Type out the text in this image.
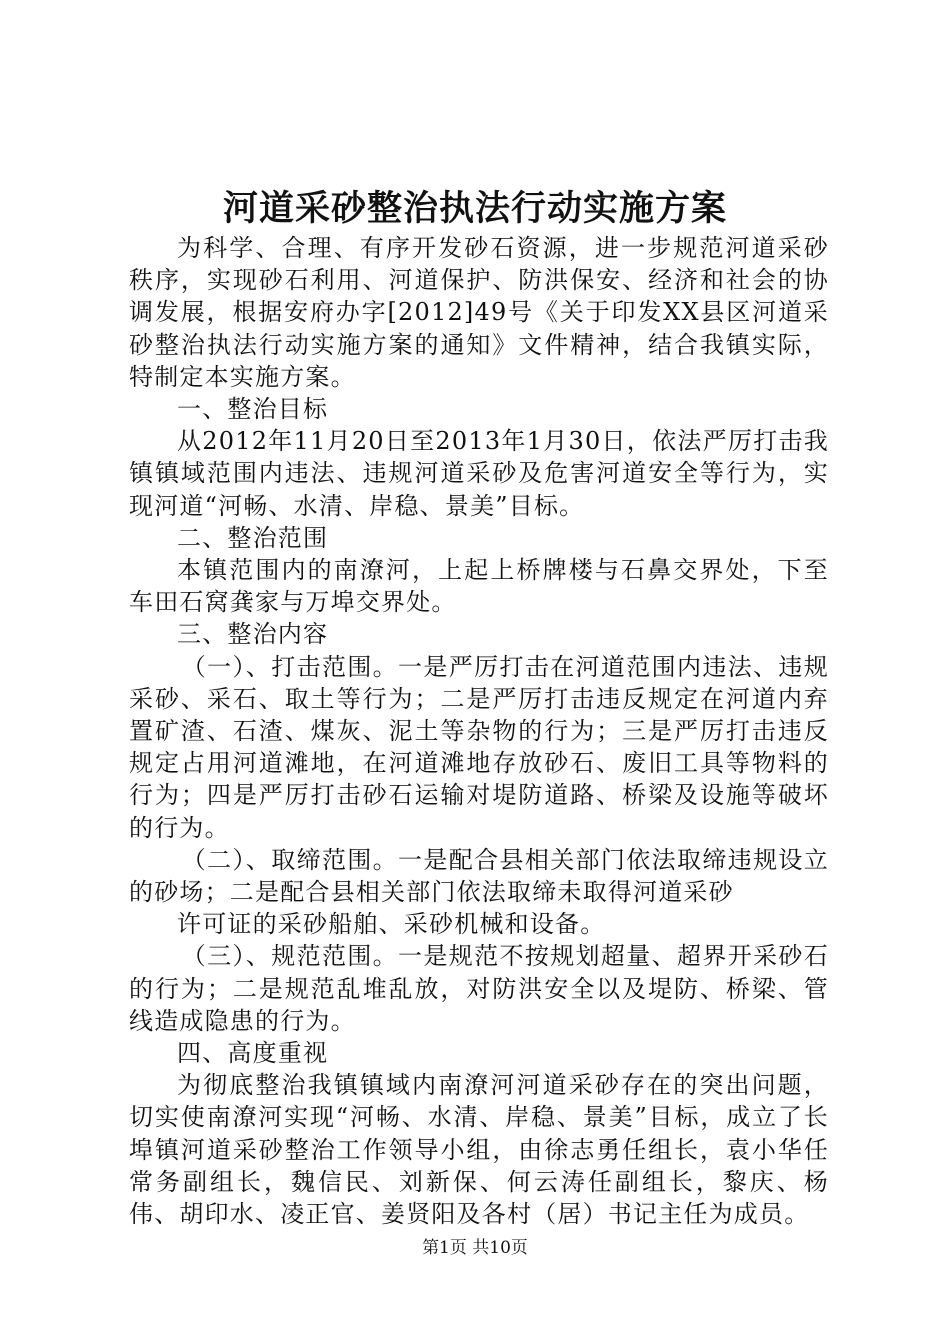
河道采砂整治执法行动实施方案

为科学、合理、有序开发砂石资源，进一步规范河道采砂秩序，实现砂石利用、河道保护、防洪保安、经济和社会的协调发展，根据安府办字[2012]49号《关于印发XX县区河道采砂整治执法行动实施方案的通知》文件精神，结合我镇实际，特制定本实施方案。

一、整治目标

从2012年11月20日至2013年1月30日，依法严厉打击我镇镇域范围内违法、违规河道采砂及危害河道安全等行为，实现河道“河畅、水清、岸稳、景美”目标。

二、整治范围

本镇范围内的南潦河，上起上桥牌楼与石鼻交界处，下至车田石窝龚家与万埠交界处。

三、整治内容

（一）、打击范围。一是严厉打击在河道范围内违法、违规采砂、采石、取土等行为；二是严厉打击违反规定在河道内弃置矿渣、石渣、煤灰、泥土等杂物的行为；三是严厉打击违反规定占用河道滩地，在河道滩地存放砂石、废旧工具等物料的行为；四是严厉打击砂石运输对堤防道路、桥梁及设施等破坏的行为。

（二）、取缔范围。一是配合县相关部门依法取缔违规设立的砂场；二是配合县相关部门依法取缔未取得河道采砂

许可证的采砂船舶、采砂机械和设备。

（三）、规范范围。一是规范不按规划超量、超界开采砂石的行为；二是规范乱堆乱放，对防洪安全以及堤防、桥梁、管线造成隐患的行为。

四、高度重视

为彻底整治我镇镇域内南潦河河道采砂存在的突出问题，切实使南潦河实现“河畅、水清、岸稳、景美”目标，成立了长埠镇河道采砂整治工作领导小组，由徐志勇任组长，袁小华任常务副组长，魏信民、刘新保、何云涛任副组长，黎庆、杨伟、胡印水、凌正官、姜贤阳及各村（居）书记主任为成员。

第1页 共10页
